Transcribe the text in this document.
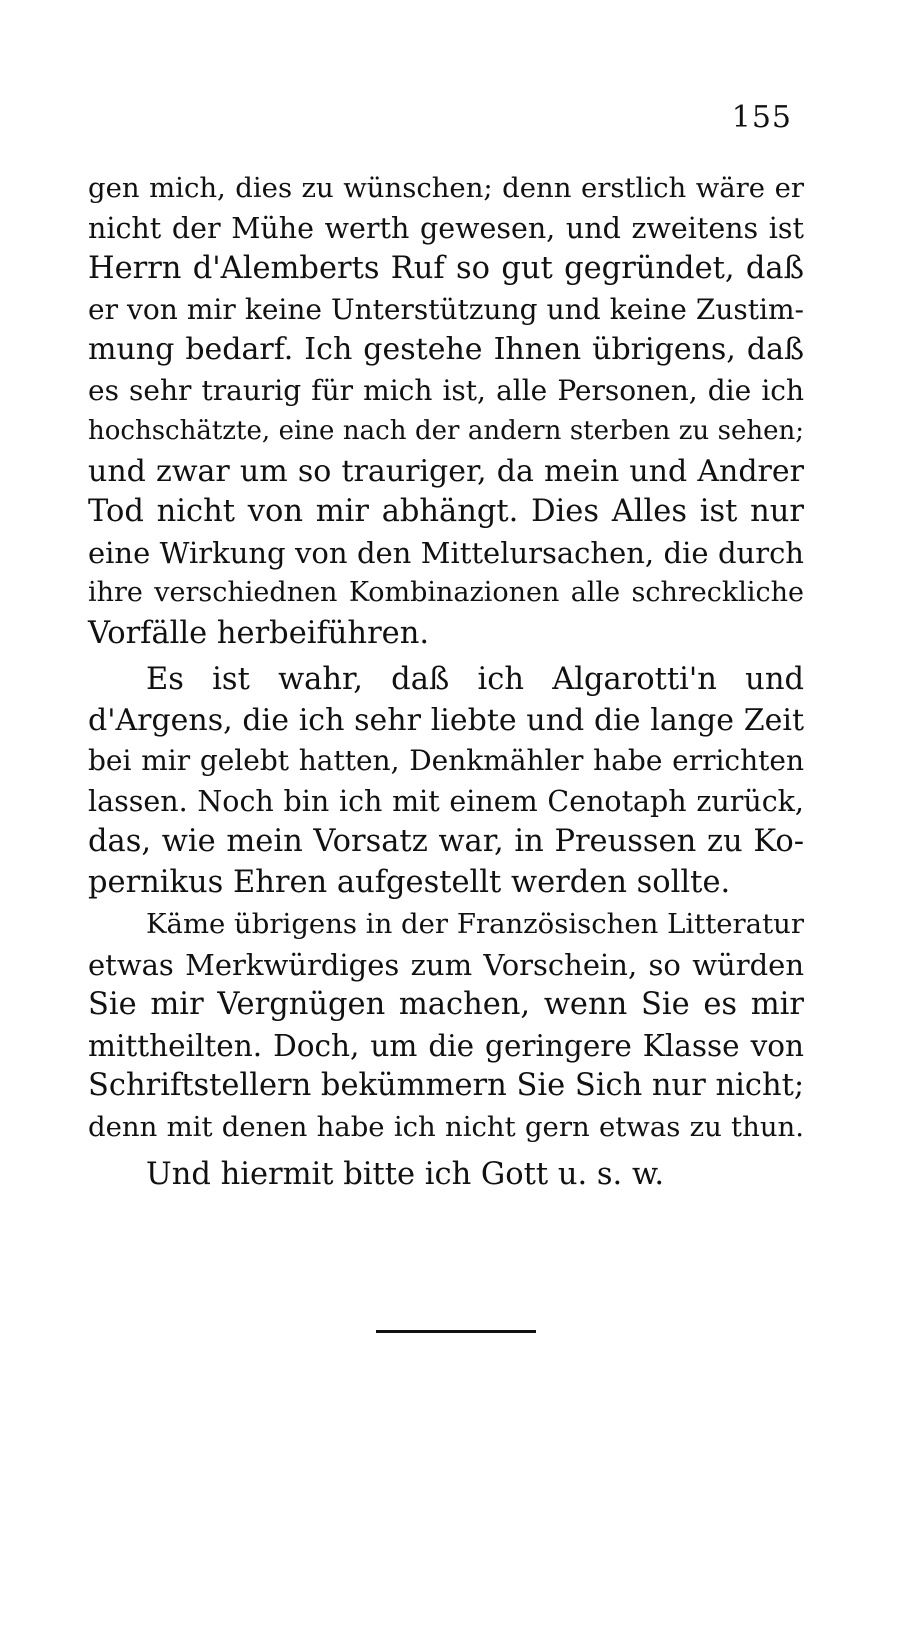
155
gen mich, dies zu wünschen; denn erstlich wäre er
nicht der Mühe werth gewesen, und zweitens ist
Herrn d'Alemberts Ruf so gut gegründet, daß
er von mir keine Unterstützung und keine Zustim-
mung bedarf. Ich gestehe Ihnen übrigens, daß
es sehr traurig für mich ist, alle Personen, die ich
hochschätzte, eine nach der andern sterben zu sehen;
und zwar um so trauriger, da mein und Andrer
Tod nicht von mir abhängt. Dies Alles ist nur
eine Wirkung von den Mittelursachen, die durch
ihre verschiednen Kombinazionen alle schreckliche
Vorfälle herbeiführen.
Es ist wahr, daß ich Algarotti'n und
d'Argens, die ich sehr liebte und die lange Zeit
bei mir gelebt hatten, Denkmähler habe errichten
lassen. Noch bin ich mit einem Cenotaph zurück,
das, wie mein Vorsatz war, in Preussen zu Ko-
pernikus Ehren aufgestellt werden sollte.
Käme übrigens in der Französischen Litteratur
etwas Merkwürdiges zum Vorschein, so würden
Sie mir Vergnügen machen, wenn Sie es mir
mittheilten. Doch, um die geringere Klasse von
Schriftstellern bekümmern Sie Sich nur nicht;
denn mit denen habe ich nicht gern etwas zu thun.
Und hiermit bitte ich Gott u. s. w.
